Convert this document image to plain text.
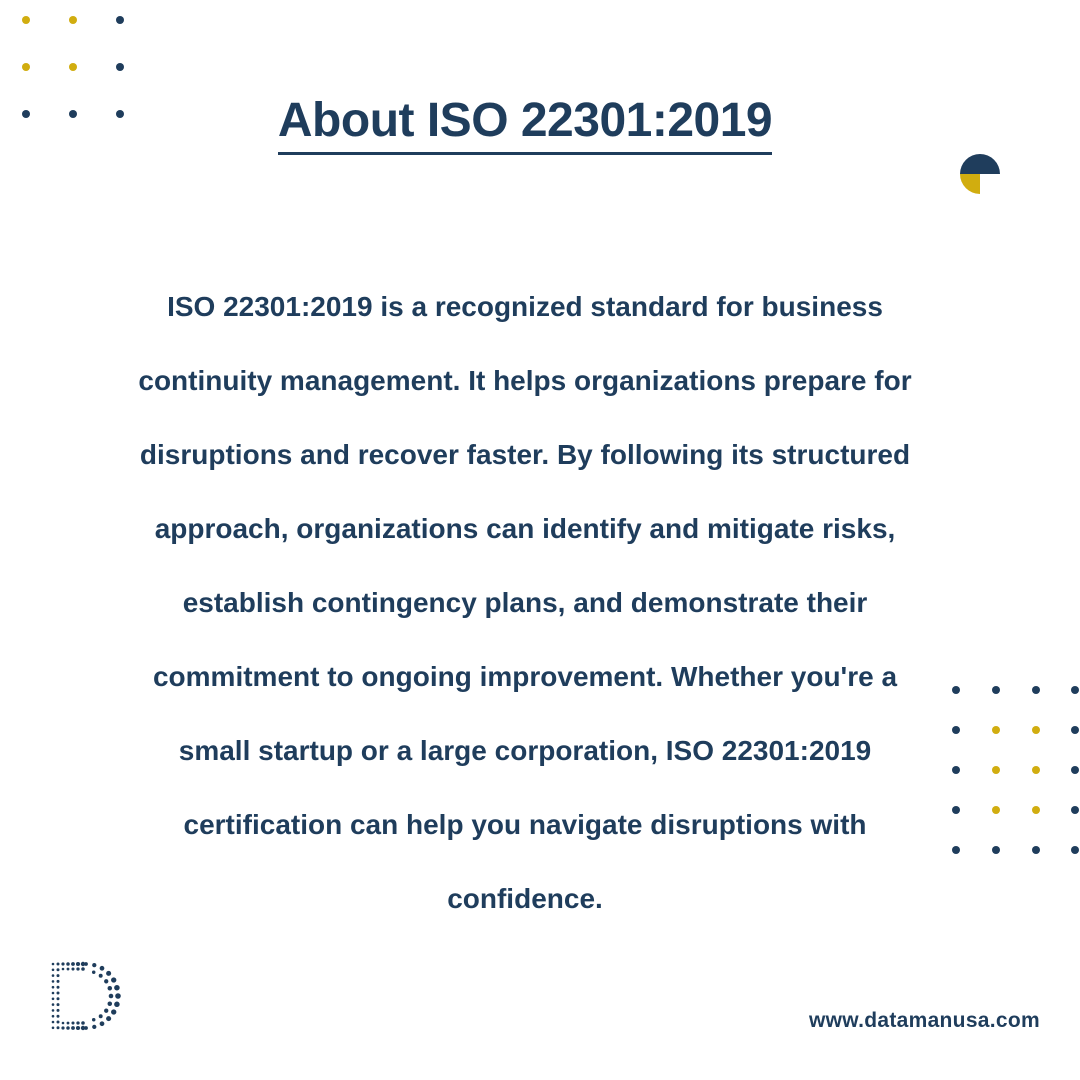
About ISO 22301:2019

ISO 22301:2019 is a recognized standard for business continuity management. It helps organizations prepare for disruptions and recover faster. By following its structured approach, organizations can identify and mitigate risks, establish contingency plans, and demonstrate their commitment to ongoing improvement. Whether you're a small startup or a large corporation, ISO 22301:2019 certification can help you navigate disruptions with confidence.

www.datamanusa.com
